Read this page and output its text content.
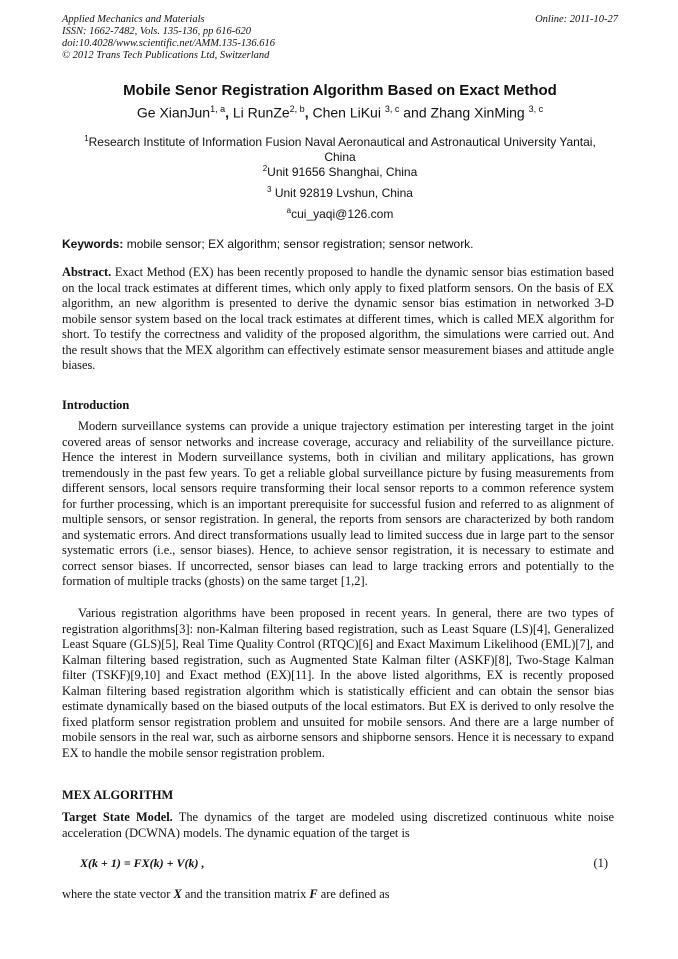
Applied Mechanics and Materials
ISSN: 1662-7482, Vols. 135-136, pp 616-620
doi:10.4028/www.scientific.net/AMM.135-136.616
© 2012 Trans Tech Publications Ltd, Switzerland
Online: 2011-10-27
Mobile Senor Registration Algorithm Based on Exact Method
Ge XianJun$^{1, a}$, Li RunZe$^{2, b}$, Chen LiKui $^{3, c}$ and Zhang XinMing $^{3, c}$
$^1$Research Institute of Information Fusion Naval Aeronautical and Astronautical University Yantai,
China
$^2$Unit 91656 Shanghai, China
$^3$ Unit 92819 Lvshun, China
$^a$cui_yaqi@126.com
Keywords: mobile sensor; EX algorithm; sensor registration; sensor network.
Abstract. Exact Method (EX) has been recently proposed to handle the dynamic sensor bias estimation based on the local track estimates at different times, which only apply to fixed platform sensors. On the basis of EX algorithm, an new algorithm is presented to derive the dynamic sensor bias estimation in networked 3-D mobile sensor system based on the local track estimates at different times, which is called MEX algorithm for short. To testify the correctness and validity of the proposed algorithm, the simulations were carried out. And the result shows that the MEX algorithm can effectively estimate sensor measurement biases and attitude angle biases.
Introduction
Modern surveillance systems can provide a unique trajectory estimation per interesting target in the joint covered areas of sensor networks and increase coverage, accuracy and reliability of the surveillance picture. Hence the interest in Modern surveillance systems, both in civilian and military applications, has grown tremendously in the past few years. To get a reliable global surveillance picture by fusing measurements from different sensors, local sensors require transforming their local sensor reports to a common reference system for further processing, which is an important prerequisite for successful fusion and referred to as alignment of multiple sensors, or sensor registration. In general, the reports from sensors are characterized by both random and systematic errors. And direct transformations usually lead to limited success due in large part to the sensor systematic errors (i.e., sensor biases). Hence, to achieve sensor registration, it is necessary to estimate and correct sensor biases. If uncorrected, sensor biases can lead to large tracking errors and potentially to the formation of multiple tracks (ghosts) on the same target [1,2].
Various registration algorithms have been proposed in recent years. In general, there are two types of registration algorithms[3]: non-Kalman filtering based registration, such as Least Square (LS)[4], Generalized Least Square (GLS)[5], Real Time Quality Control (RTQC)[6] and Exact Maximum Likelihood (EML)[7], and Kalman filtering based registration, such as Augmented State Kalman filter (ASKF)[8], Two-Stage Kalman filter (TSKF)[9,10] and Exact method (EX)[11]. In the above listed algorithms, EX is recently proposed Kalman filtering based registration algorithm which is statistically efficient and can obtain the sensor bias estimate dynamically based on the biased outputs of the local estimators. But EX is derived to only resolve the fixed platform sensor registration problem and unsuited for mobile sensors. And there are a large number of mobile sensors in the real war, such as airborne sensors and shipborne sensors. Hence it is necessary to expand EX to handle the mobile sensor registration problem.
MEX ALGORITHM
Target State Model. The dynamics of the target are modeled using discretized continuous white noise acceleration (DCWNA) models. The dynamic equation of the target is
X(k + 1) = FX(k) + V(k) ,	(1)
where the state vector X and the transition matrix F are defined as
